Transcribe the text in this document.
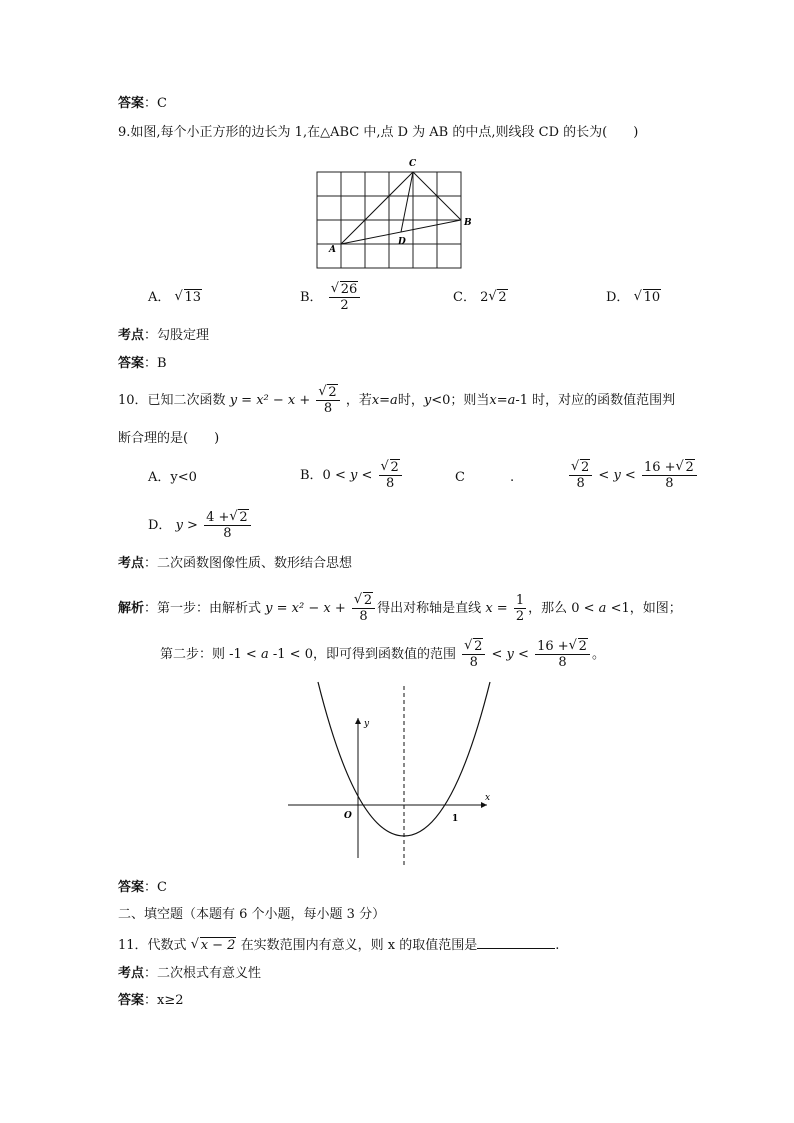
答案：C
9.如图,每个小正方形的边长为 1,在△ABC 中,点 D 为 AB 的中点,则线段 CD 的长为(　　)
C
B
A
D
A． √ 13	B． √ $\frac{26}{2}$	C． 2 √ 2	D． √ 10
考点：勾股定理
答案：B
10．已知二次函数 y = x² − x + √ $\frac{2}{8}$ ，若x=a时，y<0；则当x=a-1 时，对应的函数值范围判
断合理的是(　　)
A．y<0	B．0 < y < √ $\frac{2}{8}$	C	.	√ $\frac{2}{8} < y < \frac{16 + √ 2}{8}$
D． $y > \frac{4 + √ 2}{8}$
考点：二次函数图像性质、数形结合思想
解析：第一步：由解析式 y = x² − x + √ $\frac{2}{8}$ 得出对称轴是直线 $x = \frac{1}{2}$ ，那么 0 < a <1，如图；
第二步：则 -1 < a -1 < 0，即可得到函数值的范围 √ $\frac{2}{8} < y < \frac{16 + √ 2}{8}$ 。
y
x
O	1
答案：C
二、填空题（本题有 6 个小题，每小题 3 分）
11．代数式 √ x − 2 在实数范围内有意义，则 x 的取值范围是	.
考点：二次根式有意义性
答案：x≥2
